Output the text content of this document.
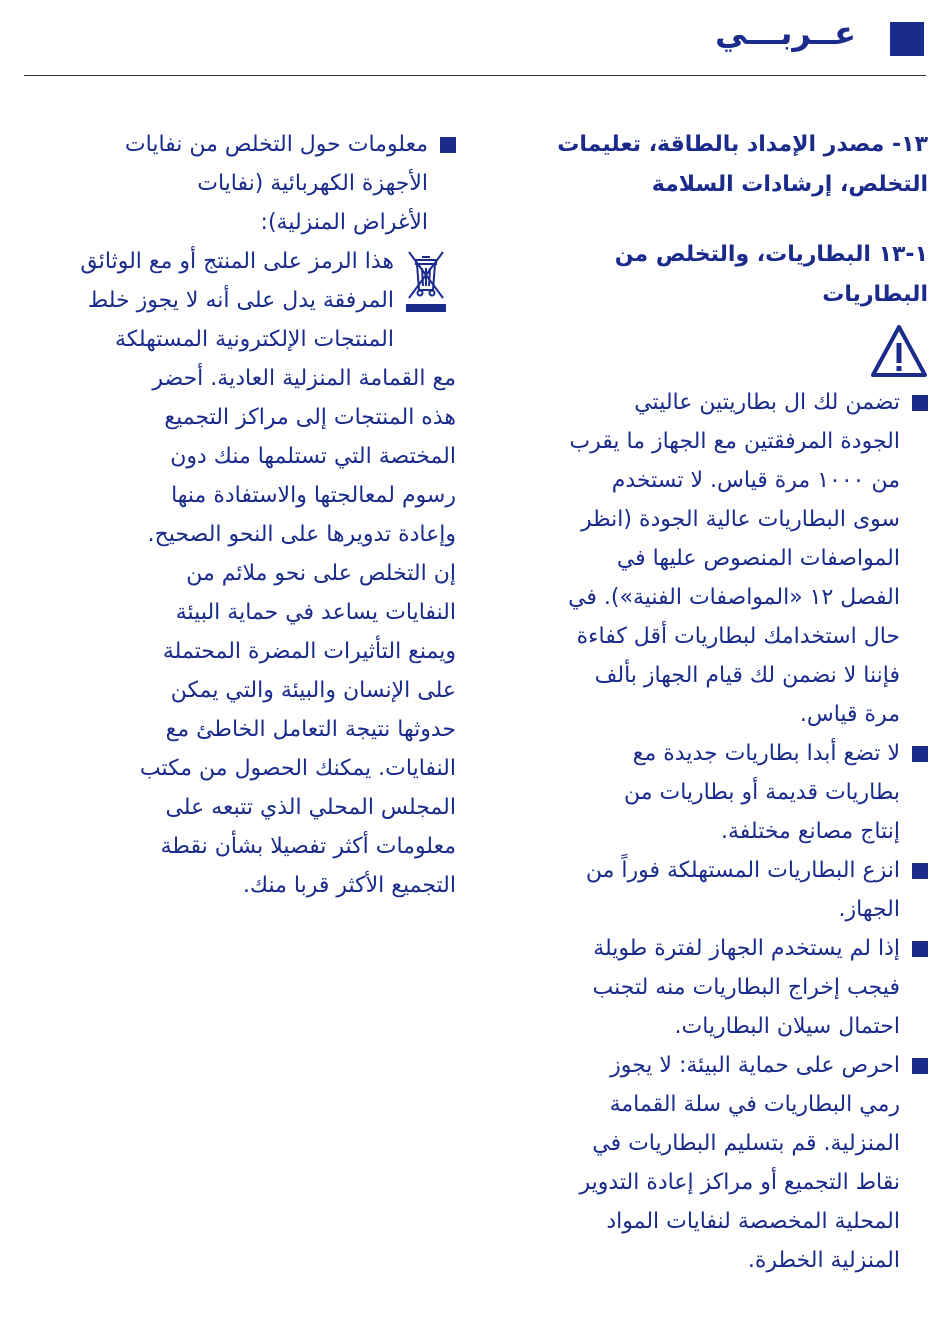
عــربـــي
١٣- مصدر الإمداد بالطاقة، تعليمات
التخلص، إرشادات السلامة
١-١٣ البطاريات، والتخلص من
البطاريات
تضمن لك ال بطاريتين عاليتي
الجودة المرفقتين مع الجهاز ما يقرب
من ١٠٠٠ مرة قياس. لا تستخدم
سوى البطاريات عالية الجودة (انظر
المواصفات المنصوص عليها في
الفصل ١٢ «المواصفات الفنية»). في
حال استخدامك لبطاريات أقل كفاءة
فإننا لا نضمن لك قيام الجهاز بألف
مرة قياس.
لا تضع أبدا بطاريات جديدة مع
بطاريات قديمة أو بطاريات من
إنتاج مصانع مختلفة.
انزع البطاريات المستهلكة فوراً من
الجهاز.
إذا لم يستخدم الجهاز لفترة طويلة
فيجب إخراج البطاريات منه لتجنب
احتمال سيلان البطاريات.
احرص على حماية البيئة: لا يجوز
رمي البطاريات في سلة القمامة
المنزلية. قم بتسليم البطاريات في
نقاط التجميع أو مراكز إعادة التدوير
المحلية المخصصة لنفايات المواد
المنزلية الخطرة.
معلومات حول التخلص من نفايات
الأجهزة الكهربائية (نفايات
الأغراض المنزلية):
هذا الرمز على المنتج أو مع الوثائق
المرفقة يدل على أنه لا يجوز خلط
المنتجات الإلكترونية المستهلكة
مع القمامة المنزلية العادية. أحضر
هذه المنتجات إلى مراكز التجميع
المختصة التي تستلمها منك دون
رسوم لمعالجتها والاستفادة منها
وإعادة تدويرها على النحو الصحيح.
إن التخلص على نحو ملائم من
النفايات يساعد في حماية البيئة
ويمنع التأثيرات المضرة المحتملة
على الإنسان والبيئة والتي يمكن
حدوثها نتيجة التعامل الخاطئ مع
النفايات. يمكنك الحصول من مكتب
المجلس المحلي الذي تتبعه على
معلومات أكثر تفصيلا بشأن نقطة
التجميع الأكثر قربا منك.
